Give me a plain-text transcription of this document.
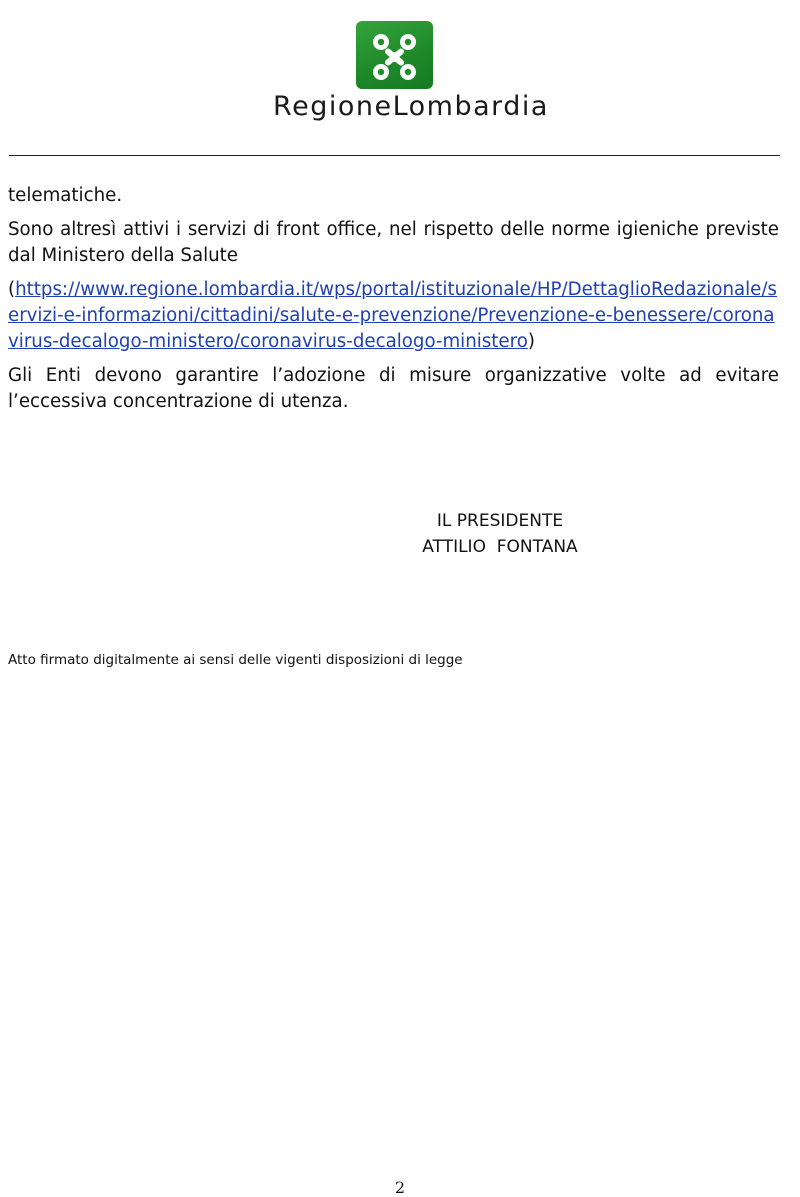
RegioneLombardia

telematiche.

Sono altresì attivi i servizi di front office, nel rispetto delle norme igieniche previste dal Ministero della Salute

(https://www.regione.lombardia.it/wps/portal/istituzionale/HP/DettaglioRedazionale/servizi-e-informazioni/cittadini/salute-e-prevenzione/Prevenzione-e-benessere/coronavirus-decalogo-ministero/coronavirus-decalogo-ministero)

Gli Enti devono garantire l’adozione di misure organizzative volte ad evitare l’eccessiva concentrazione di utenza.

IL PRESIDENTE
ATTILIO  FONTANA
Atto firmato digitalmente ai sensi delle vigenti disposizioni di legge
2
